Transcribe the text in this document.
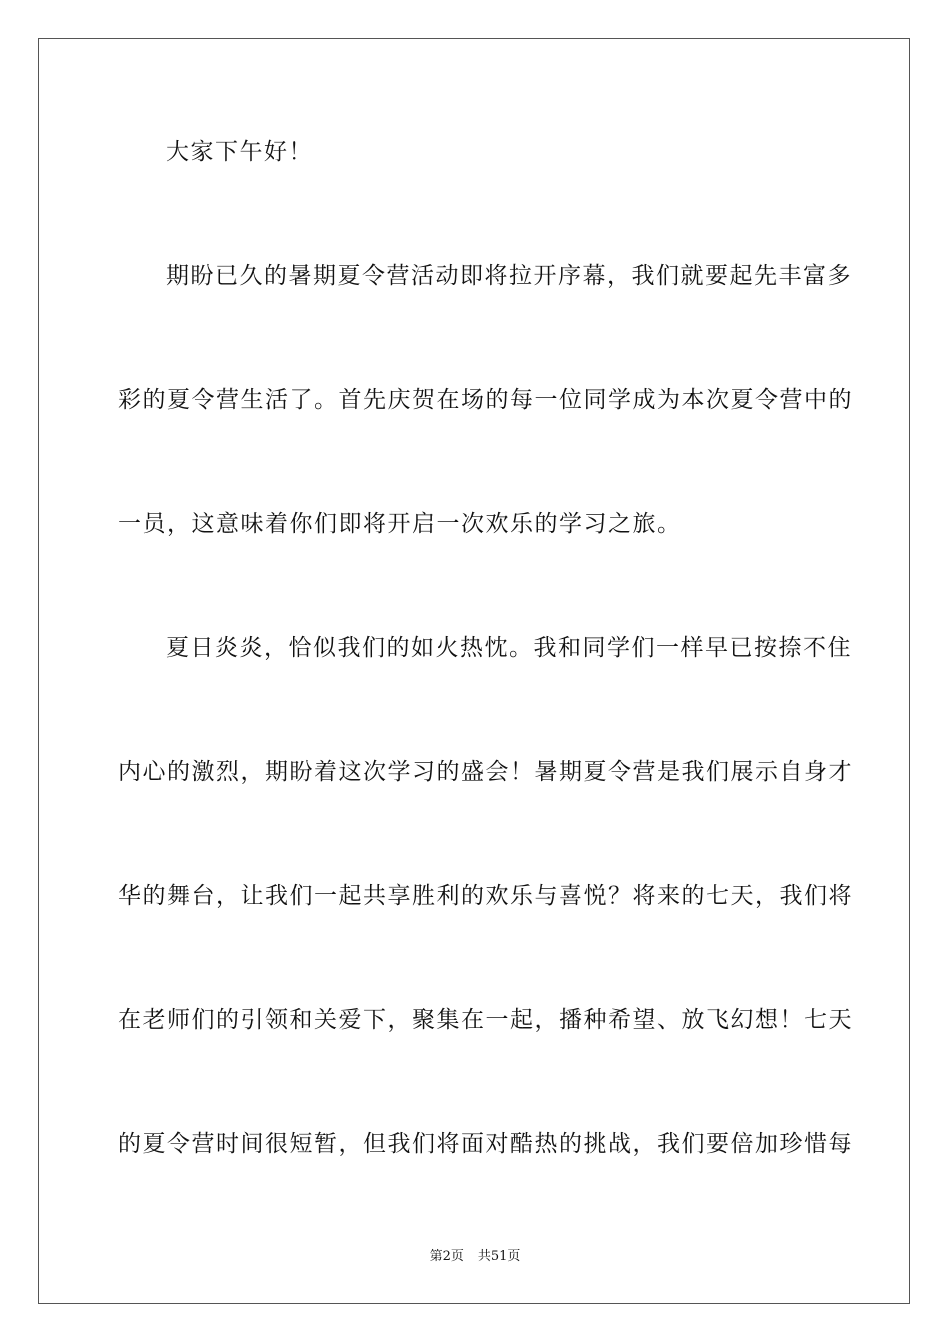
大家下午好！
期盼已久的暑期夏令营活动即将拉开序幕，我们就要起先丰富多
彩的夏令营生活了。首先庆贺在场的每一位同学成为本次夏令营中的
一员，这意味着你们即将开启一次欢乐的学习之旅。
夏日炎炎，恰似我们的如火热忱。我和同学们一样早已按捺不住
内心的激烈，期盼着这次学习的盛会！暑期夏令营是我们展示自身才
华的舞台，让我们一起共享胜利的欢乐与喜悦？将来的七天，我们将
在老师们的引领和关爱下，聚集在一起，播种希望、放飞幻想！七天
的夏令营时间很短暂，但我们将面对酷热的挑战，我们要倍加珍惜每
第2页 共51页
